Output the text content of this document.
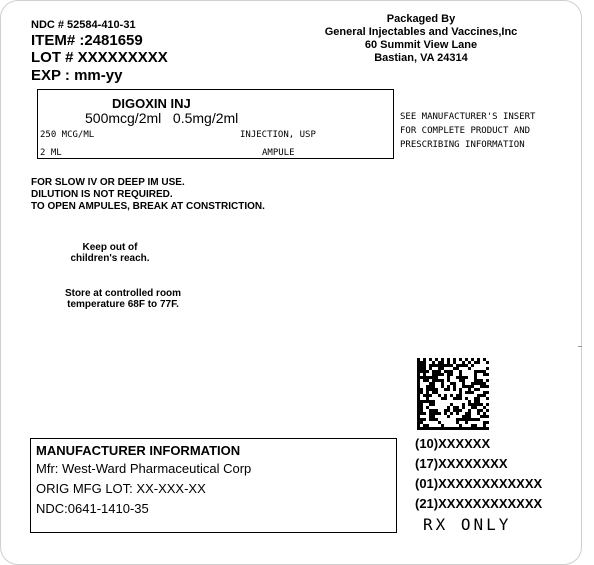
NDC # 52584-410-31
ITEM# :2481659
LOT # XXXXXXXXX
EXP : mm-yy
Packaged By
General Injectables and Vaccines,Inc
60 Summit View Lane
Bastian, VA 24314
DIGOXIN INJ
500mcg/2ml   0.5mg/2ml
250 MCG/ML	INJECTION, USP
2 ML	AMPULE
SEE MANUFACTURER'S INSERT
FOR COMPLETE PRODUCT AND
PRESCRIBING INFORMATION
FOR SLOW IV OR DEEP IM USE.
DILUTION IS NOT REQUIRED.
TO OPEN AMPULES, BREAK AT CONSTRICTION.
Keep out of children's reach.
Store at controlled room temperature 68F to 77F.
(10)XXXXXX
(17)XXXXXXXX
(01)XXXXXXXXXXXX
(21)XXXXXXXXXXXX
RX ONLY
MANUFACTURER INFORMATION
Mfr: West-Ward Pharmaceutical Corp
ORIG MFG LOT: XX-XXX-XX
NDC:0641-1410-35
